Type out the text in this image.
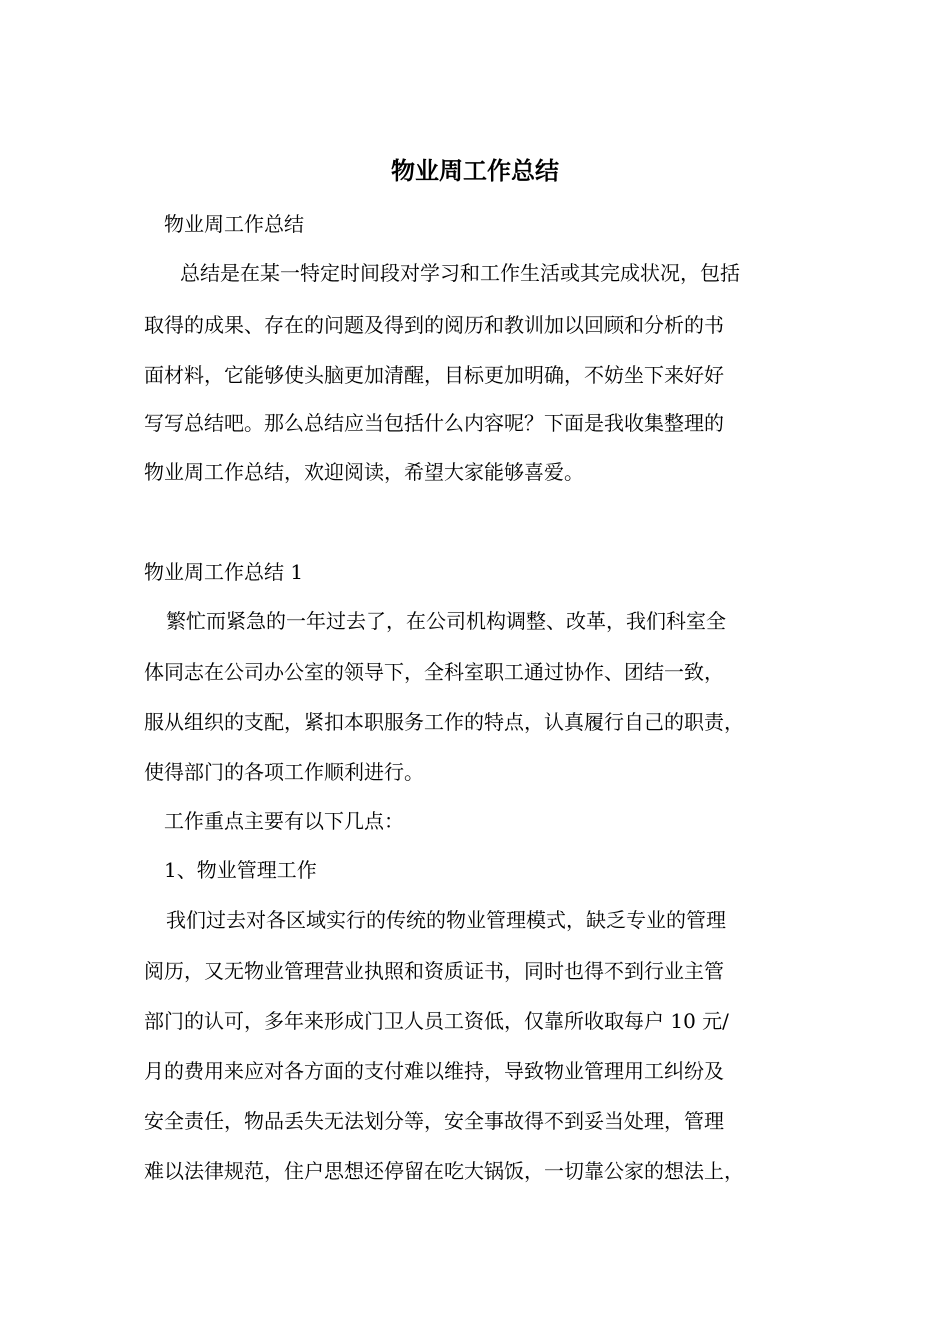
物业周工作总结

物业周工作总结

总结是在某一特定时间段对学习和工作生活或其完成状况，包括

取得的成果、存在的问题及得到的阅历和教训加以回顾和分析的书

面材料，它能够使头脑更加清醒，目标更加明确，不妨坐下来好好

写写总结吧。那么总结应当包括什么内容呢？下面是我收集整理的

物业周工作总结，欢迎阅读，希望大家能够喜爱。

物业周工作总结 1

繁忙而紧急的一年过去了，在公司机构调整、改革，我们科室全

体同志在公司办公室的领导下，全科室职工通过协作、团结一致，

服从组织的支配，紧扣本职服务工作的特点，认真履行自己的职责，

使得部门的各项工作顺利进行。

工作重点主要有以下几点：

1、物业管理工作

我们过去对各区域实行的传统的物业管理模式，缺乏专业的管理

阅历，又无物业管理营业执照和资质证书，同时也得不到行业主管

部门的认可，多年来形成门卫人员工资低，仅靠所收取每户 10 元/

月的费用来应对各方面的支付难以维持，导致物业管理用工纠纷及

安全责任，物品丢失无法划分等，安全事故得不到妥当处理，管理

难以法律规范，住户思想还停留在吃大锅饭，一切靠公家的想法上，
